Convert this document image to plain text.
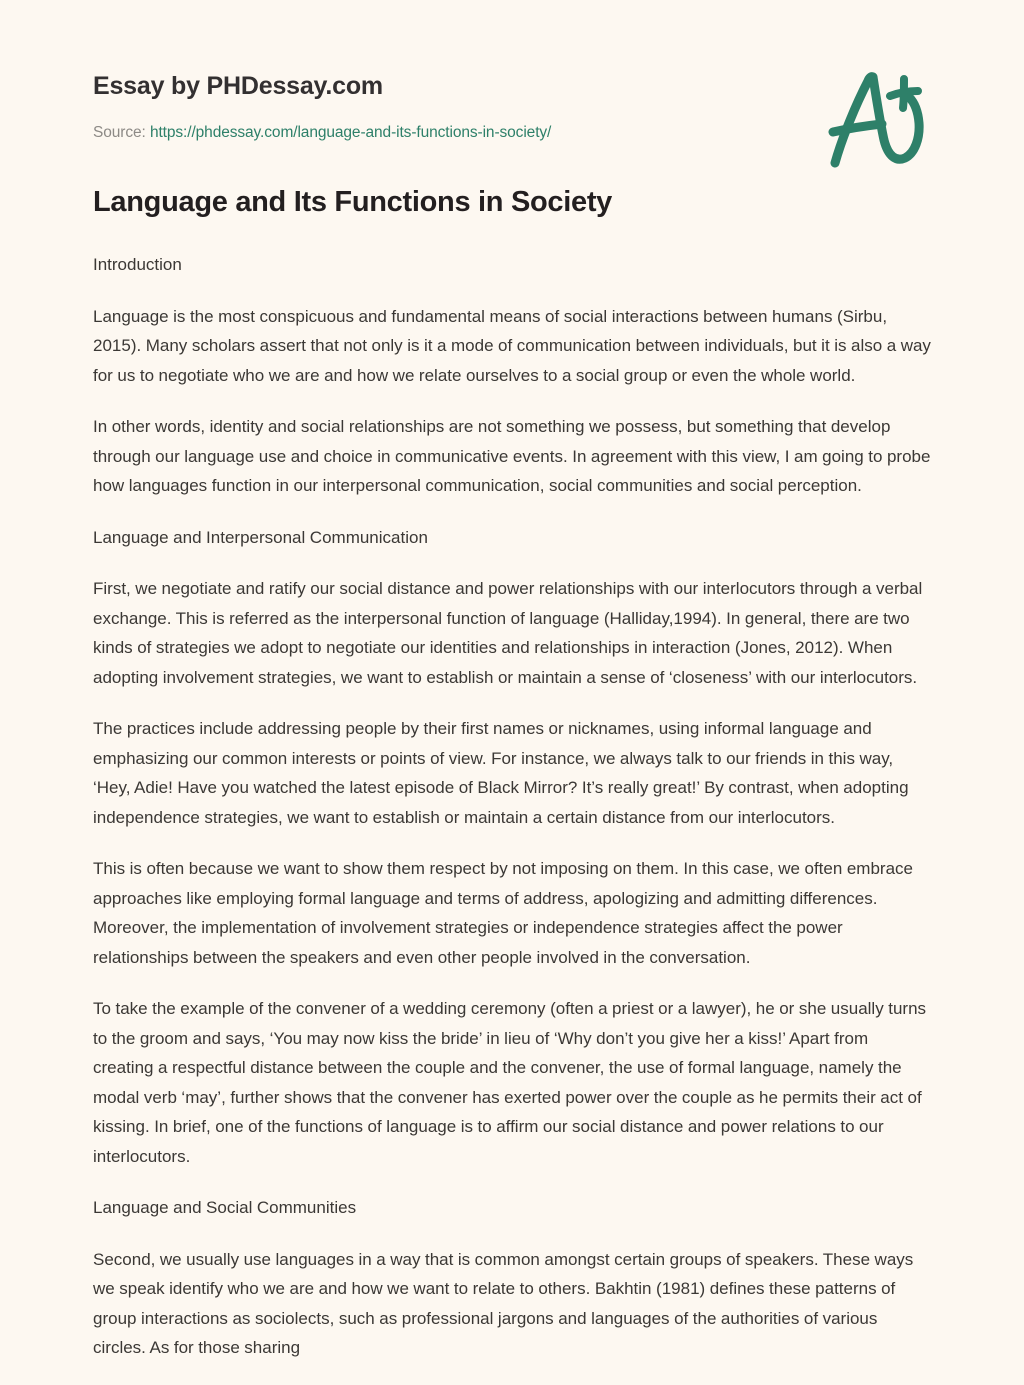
Essay by PHDessay.com
Source: https://phdessay.com/language-and-its-functions-in-society/
Language and Its Functions in Society
Introduction

Language is the most conspicuous and fundamental means of social interactions between humans (Sirbu, 2015). Many scholars assert that not only is it a mode of communication between individuals, but it is also a way for us to negotiate who we are and how we relate ourselves to a social group or even the whole world.

In other words, identity and social relationships are not something we possess, but something that develop through our language use and choice in communicative events. In agreement with this view, I am going to probe how languages function in our interpersonal communication, social communities and social perception.

Language and Interpersonal Communication

First, we negotiate and ratify our social distance and power relationships with our interlocutors through a verbal exchange. This is referred as the interpersonal function of language (Halliday,1994). In general, there are two kinds of strategies we adopt to negotiate our identities and relationships in interaction (Jones, 2012). When adopting involvement strategies, we want to establish or maintain a sense of ‘closeness’ with our interlocutors.

The practices include addressing people by their first names or nicknames, using informal language and emphasizing our common interests or points of view. For instance, we always talk to our friends in this way, ‘Hey, Adie! Have you watched the latest episode of Black Mirror? It’s really great!’ By contrast, when adopting independence strategies, we want to establish or maintain a certain distance from our interlocutors.

This is often because we want to show them respect by not imposing on them. In this case, we often embrace approaches like employing formal language and terms of address, apologizing and admitting differences. Moreover, the implementation of involvement strategies or independence strategies affect the power relationships between the speakers and even other people involved in the conversation.

To take the example of the convener of a wedding ceremony (often a priest or a lawyer), he or she usually turns to the groom and says, ‘You may now kiss the bride’ in lieu of ‘Why don’t you give her a kiss!’ Apart from creating a respectful distance between the couple and the convener, the use of formal language, namely the modal verb ‘may’, further shows that the convener has exerted power over the couple as he permits their act of kissing. In brief, one of the functions of language is to affirm our social distance and power relations to our interlocutors.

Language and Social Communities

Second, we usually use languages in a way that is common amongst certain groups of speakers. These ways we speak identify who we are and how we want to relate to others. Bakhtin (1981) defines these patterns of group interactions as sociolects, such as professional jargons and languages of the authorities of various circles. As for those sharing
